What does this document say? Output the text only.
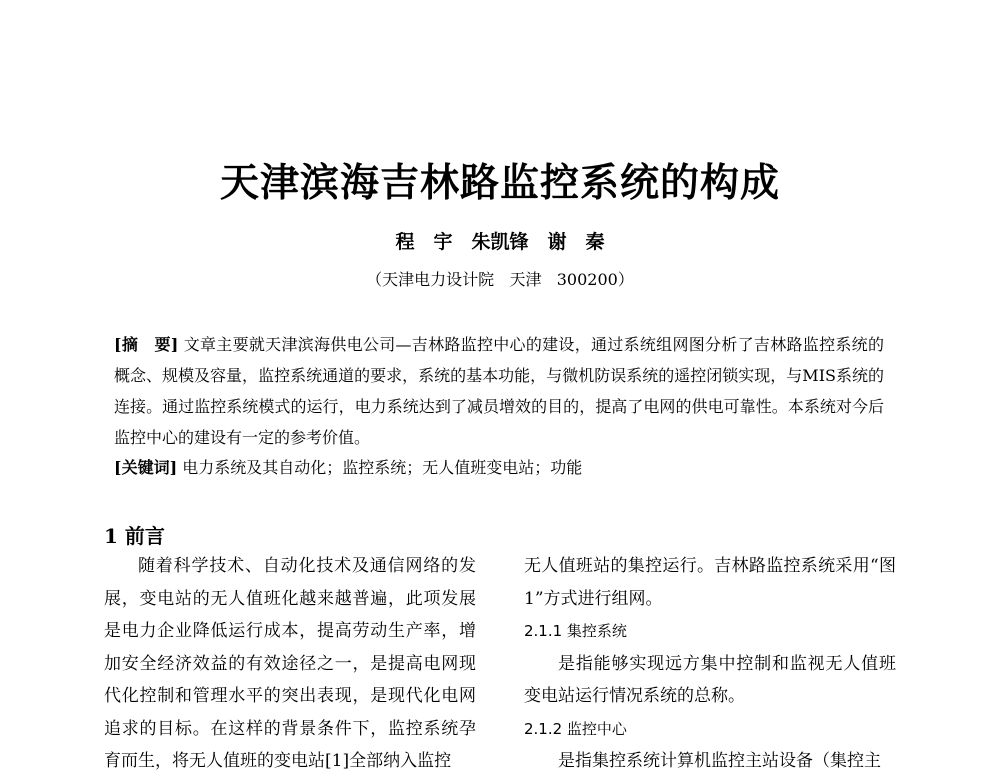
天津滨海吉林路监控系统的构成
程　宇　朱凯锋　谢　秦
（天津电力设计院 天津 300200）
[摘　要] 文章主要就天津滨海供电公司—吉林路监控中心的建设，通过系统组网图分析了吉林路监控系统的概念、规模及容量，监控系统通道的要求，系统的基本功能，与微机防误系统的遥控闭锁实现，与MIS系统的连接。通过监控系统模式的运行，电力系统达到了减员增效的目的，提高了电网的供电可靠性。本系统对今后监控中心的建设有一定的参考价值。
[关键词] 电力系统及其自动化；监控系统；无人值班变电站；功能
1 前言

随着科学技术、自动化技术及通信网络的发展，变电站的无人值班化越来越普遍，此项发展是电力企业降低运行成本，提高劳动生产率，增加安全经济效益的有效途径之一，是提高电网现代化控制和管理水平的突出表现，是现代化电网追求的目标。在这样的背景条件下，监控系统孕育而生，将无人值班的变电站[1]全部纳入监控

无人值班站的集控运行。吉林路监控系统采用“图 1”方式进行组网。

2.1.1 集控系统

是指能够实现远方集中控制和监视无人值班变电站运行情况系统的总称。

2.1.2 监控中心

是指集控系统计算机监控主站设备（集控主
